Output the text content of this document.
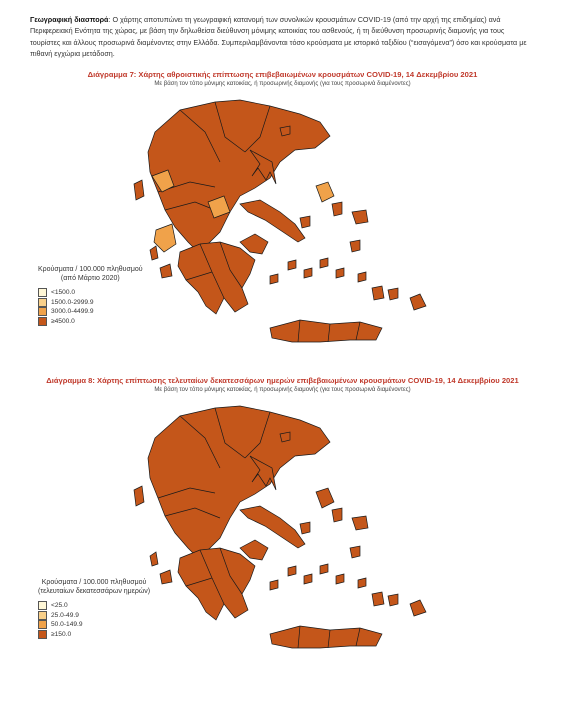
Γεωγραφική διασπορά: Ο χάρτης αποτυπώνει τη γεωγραφική κατανομή των συνολικών κρουσμάτων COVID-19 (από την αρχή της επιδημίας) ανά Περιφερειακή Ενότητα της χώρας, με βάση την δηλωθείσα διεύθυνση μόνιμης κατοικίας του ασθενούς, ή τη διεύθυνση προσωρινής διαμονής για τους τουρίστες και άλλους προσωρινά διαμένοντες στην Ελλάδα. Συμπεριλαμβάνονται τόσο κρούσματα με ιστορικό ταξιδίου (“εισαγόμενα”) όσο και κρούσματα με πιθανή εγχώρια μετάδοση.
Διάγραμμα 7: Χάρτης αθροιστικής επίπτωσης επιβεβαιωμένων κρουσμάτων COVID-19, 14 Δεκεμβρίου 2021
Με βάση τον τόπο μόνιμης κατοικίας, ή προσωρινής διαμονής (για τους προσωρινά διαμένοντες)
Κρούσματα / 100.000 πληθυσμού
(από Μάρτιο 2020)
<1500.0
1500.0-2999.9
3000.0-4499.9
≥4500.0
Διάγραμμα 8: Χάρτης επίπτωσης τελευταίων δεκατεσσάρων ημερών επιβεβαιωμένων κρουσμάτων COVID-19, 14 Δεκεμβρίου 2021
Με βάση τον τόπο μόνιμης κατοικίας, ή προσωρινής διαμονής (για τους προσωρινά διαμένοντες)
Κρούσματα / 100.000 πληθυσμού
(τελευταίων δεκατεσσάρων ημερών)
<25.0
25.0-49.9
50.0-149.9
≥150.0
